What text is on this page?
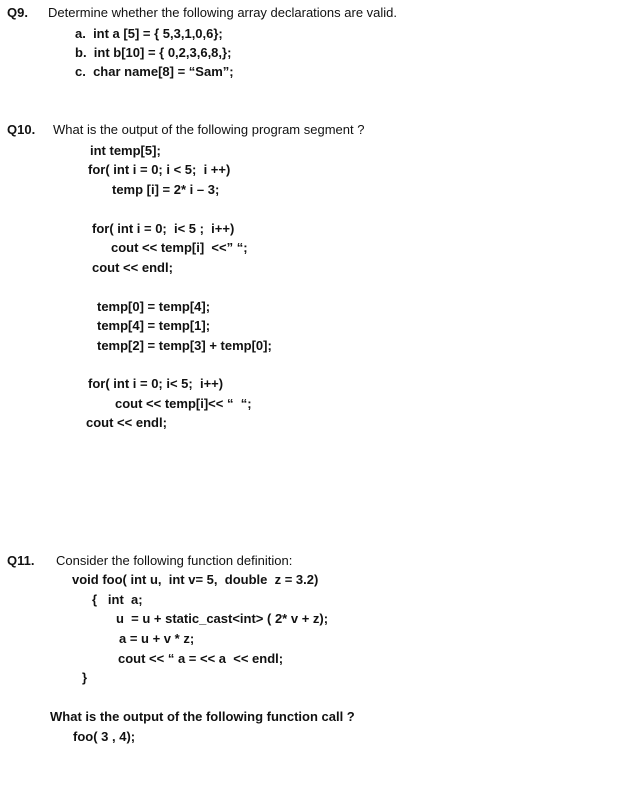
Q9. Determine whether the following array declarations are valid.
a.  int a [5] = { 5,3,1,0,6};
b.  int b[10] = { 0,2,3,6,8,};
c.  char name[8] = “Sam”;
Q10. What is the output of the following program segment ?
int temp[5];
for( int i = 0; i < 5;  i ++)
temp [i] = 2* i – 3;
for( int i = 0;  i< 5 ;  i++)
cout << temp[i]  <<” “;
cout << endl;
temp[0] = temp[4];
temp[4] = temp[1];
temp[2] = temp[3] + temp[0];
for( int i = 0; i< 5;  i++)
cout << temp[i]<< “  “;
cout << endl;
Q11. Consider the following function definition:
void foo( int u,  int v= 5,  double  z = 3.2)
{   int  a;
u  = u + static_cast<int> ( 2* v + z);
a = u + v * z;
cout << “ a = << a  << endl;
}
What is the output of the following function call ?
foo( 3 , 4);
